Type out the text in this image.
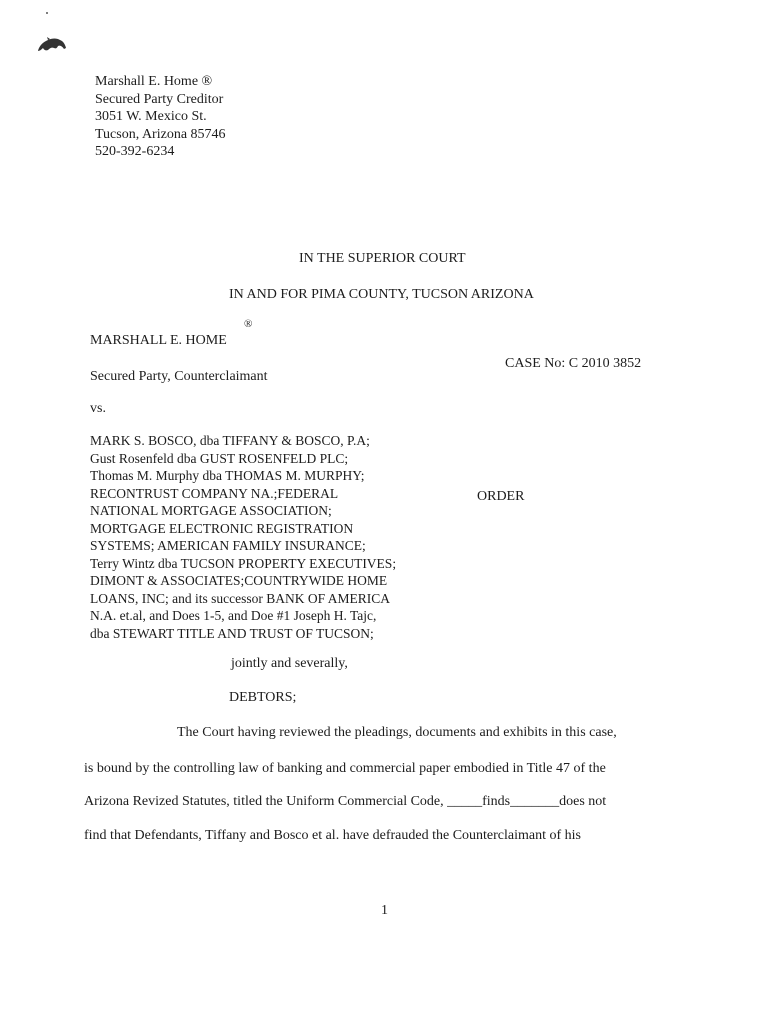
Marshall E. Home ®
Secured Party Creditor
3051 W. Mexico St.
Tucson, Arizona 85746
520-392-6234
IN THE SUPERIOR COURT
IN AND FOR PIMA COUNTY, TUCSON ARIZONA
®
MARSHALL E. HOME
CASE No: C 2010 3852
Secured Party, Counterclaimant
vs.
MARK S. BOSCO, dba TIFFANY & BOSCO, P.A;
Gust Rosenfeld dba GUST ROSENFELD PLC;
Thomas M. Murphy dba THOMAS M. MURPHY;
RECONTRUST COMPANY NA.;FEDERAL
NATIONAL MORTGAGE ASSOCIATION;
MORTGAGE ELECTRONIC REGISTRATION
SYSTEMS; AMERICAN FAMILY INSURANCE;
Terry Wintz dba TUCSON PROPERTY EXECUTIVES;
DIMONT & ASSOCIATES;COUNTRYWIDE HOME
LOANS, INC; and its successor BANK OF AMERICA
N.A. et.al, and Does 1-5, and Doe #1 Joseph H. Tajc,
dba STEWART TITLE AND TRUST OF TUCSON;
ORDER
jointly and severally,
DEBTORS;
The Court having reviewed the pleadings, documents and exhibits in this case,
is bound by the controlling law of banking and commercial paper embodied in Title 47 of the
Arizona Revized Statutes, titled the Uniform Commercial Code, _____finds_______does not
find that Defendants, Tiffany and Bosco et al. have defrauded the Counterclaimant of his
1
